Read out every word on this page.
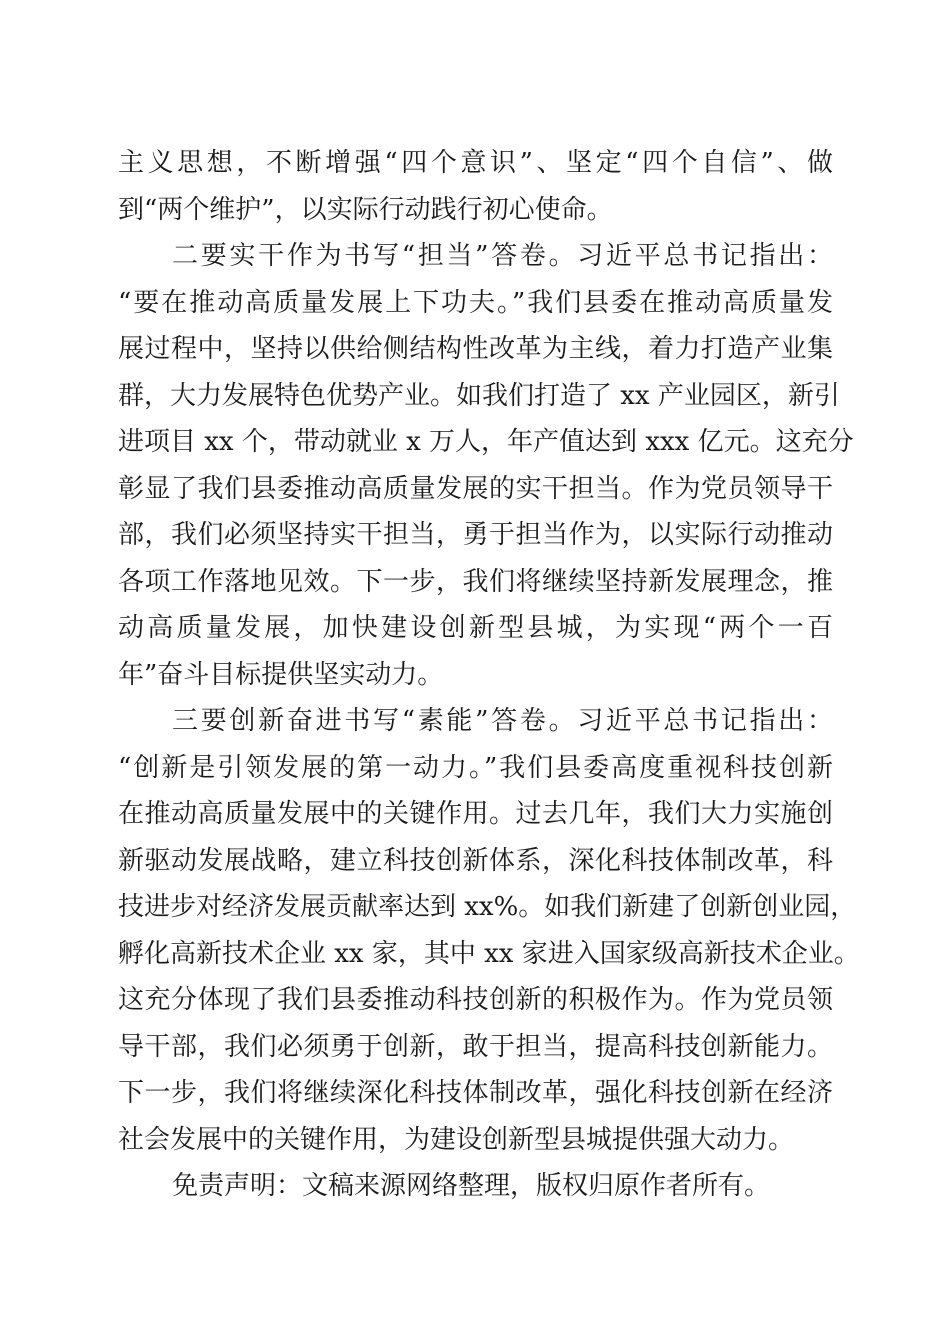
主义思想，不断增强“四个意识”、坚定“四个自信”、做
到“两个维护”，以实际行动践行初心使命。
二要实干作为书写“担当”答卷。习近平总书记指出：
“要在推动高质量发展上下功夫。”我们县委在推动高质量发
展过程中，坚持以供给侧结构性改革为主线，着力打造产业集
群，大力发展特色优势产业。如我们打造了 xx 产业园区，新引
进项目 xx 个，带动就业 x 万人，年产值达到 xxx 亿元。这充分
彰显了我们县委推动高质量发展的实干担当。作为党员领导干
部，我们必须坚持实干担当，勇于担当作为，以实际行动推动
各项工作落地见效。下一步，我们将继续坚持新发展理念，推
动高质量发展，加快建设创新型县城，为实现“两个一百
年”奋斗目标提供坚实动力。
三要创新奋进书写“素能”答卷。习近平总书记指出：
“创新是引领发展的第一动力。”我们县委高度重视科技创新
在推动高质量发展中的关键作用。过去几年，我们大力实施创
新驱动发展战略，建立科技创新体系，深化科技体制改革，科
技进步对经济发展贡献率达到 xx%。如我们新建了创新创业园，
孵化高新技术企业 xx 家，其中 xx 家进入国家级高新技术企业。
这充分体现了我们县委推动科技创新的积极作为。作为党员领
导干部，我们必须勇于创新，敢于担当，提高科技创新能力。
下一步，我们将继续深化科技体制改革，强化科技创新在经济
社会发展中的关键作用，为建设创新型县城提供强大动力。
免责声明：文稿来源网络整理，版权归原作者所有。
